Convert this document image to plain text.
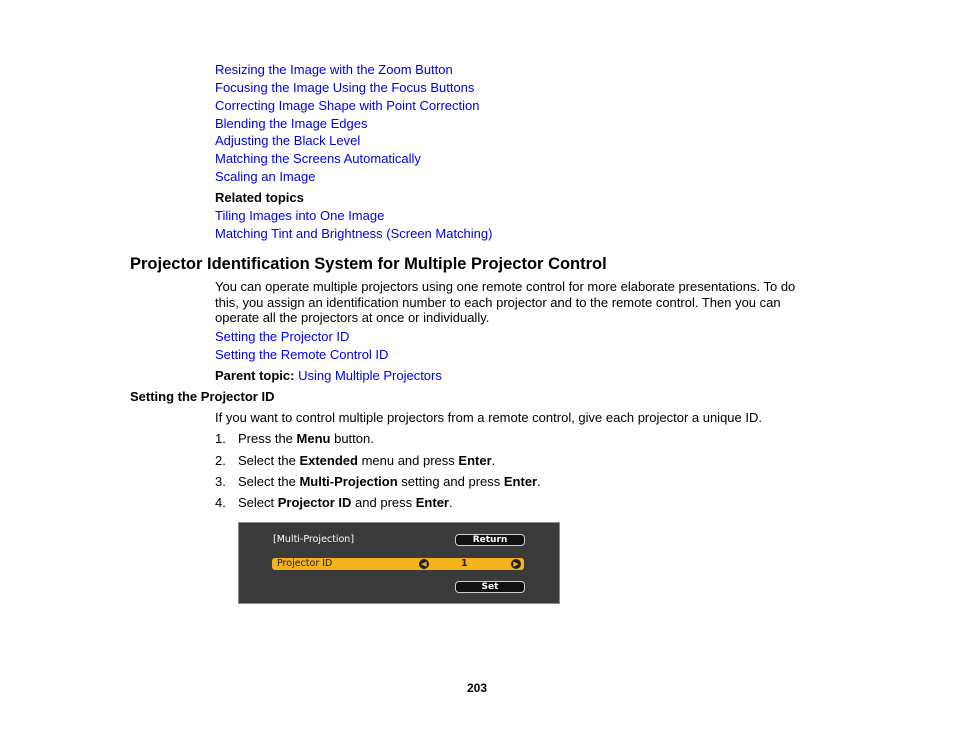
Resizing the Image with the Zoom Button
Focusing the Image Using the Focus Buttons
Correcting Image Shape with Point Correction
Blending the Image Edges
Adjusting the Black Level
Matching the Screens Automatically
Scaling an Image
Related topics
Tiling Images into One Image
Matching Tint and Brightness (Screen Matching)
Projector Identification System for Multiple Projector Control
You can operate multiple projectors using one remote control for more elaborate presentations. To do this, you assign an identification number to each projector and to the remote control. Then you can operate all the projectors at once or individually.
Setting the Projector ID
Setting the Remote Control ID
Parent topic: Using Multiple Projectors
Setting the Projector ID
If you want to control multiple projectors from a remote control, give each projector a unique ID.
1. Press the Menu button.
2. Select the Extended menu and press Enter.
3. Select the Multi-Projection setting and press Enter.
4. Select Projector ID and press Enter.
[Multi-Projection]	Return
Projector ID	◀	1	▶
Set
203
